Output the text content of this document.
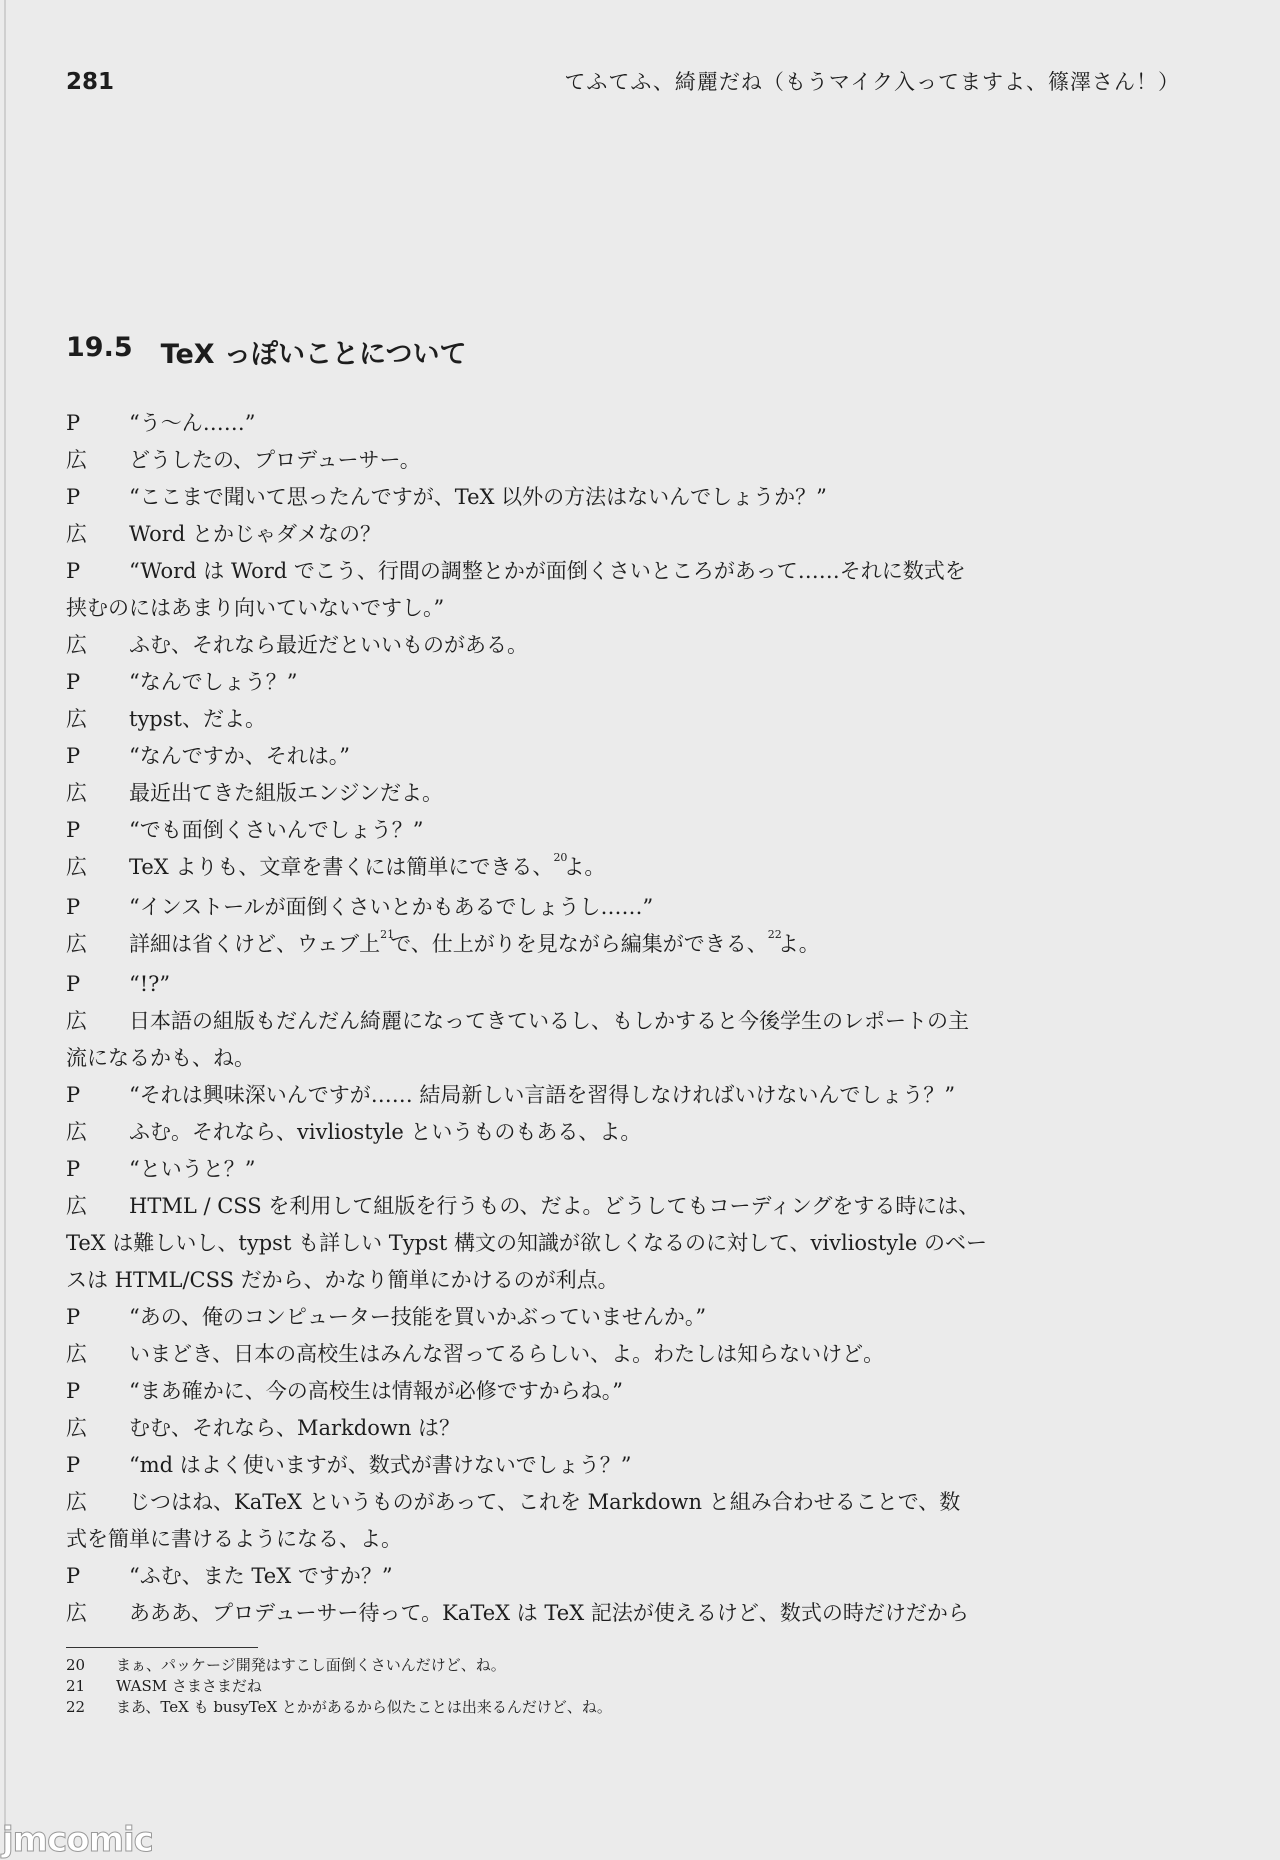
281	てふてふ、綺麗だね（もうマイク入ってますよ、篠澤さん！）
19.5 TeX っぽいことについて

P “う～ん……”

広 どうしたの、プロデューサー。

P “ここまで聞いて思ったんですが、TeX 以外の方法はないんでしょうか？”

広 Word とかじゃダメなの？

P “Word は Word でこう、行間の調整とかが面倒くさいところがあって……それに数式を

挟むのにはあまり向いていないですし。”

広 ふむ、それなら最近だといいものがある。

P “なんでしょう？”

広 typst、だよ。

P “なんですか、それは。”

広 最近出てきた組版エンジンだよ。

P “でも面倒くさいんでしょう？”

広 TeX よりも、文章を書くには簡単にできる、$^{20}$よ。

P “インストールが面倒くさいとかもあるでしょうし……”

広 詳細は省くけど、ウェブ上$^{21}$で、仕上がりを見ながら編集ができる、$^{22}$よ。

P “!?”

広 日本語の組版もだんだん綺麗になってきているし、もしかすると今後学生のレポートの主

流になるかも、ね。

P “それは興味深いんですが…… 結局新しい言語を習得しなければいけないんでしょう？”

広 ふむ。それなら、vivliostyle というものもある、よ。

P “というと？”

広 HTML / CSS を利用して組版を行うもの、だよ。どうしてもコーディングをする時には、

TeX は難しいし、typst も詳しい Typst 構文の知識が欲しくなるのに対して、vivliostyle のベー

スは HTML/CSS だから、かなり簡単にかけるのが利点。

P “あの、俺のコンピューター技能を買いかぶっていませんか。”

広 いまどき、日本の高校生はみんな習ってるらしい、よ。わたしは知らないけど。

P “まあ確かに、今の高校生は情報が必修ですからね。”

広 むむ、それなら、Markdown は？

P “md はよく使いますが、数式が書けないでしょう？”

広 じつはね、KaTeX というものがあって、これを Markdown と組み合わせることで、数

式を簡単に書けるようになる、よ。

P “ふむ、また TeX ですか？”

広 あああ、プロデューサー待って。KaTeX は TeX 記法が使えるけど、数式の時だけだから

20	まぁ、パッケージ開発はすこし面倒くさいんだけど、ね。
21	WASM さまさまだね
22	まあ、TeX も busyTeX とかがあるから似たことは出来るんだけど、ね。
jmcomic
